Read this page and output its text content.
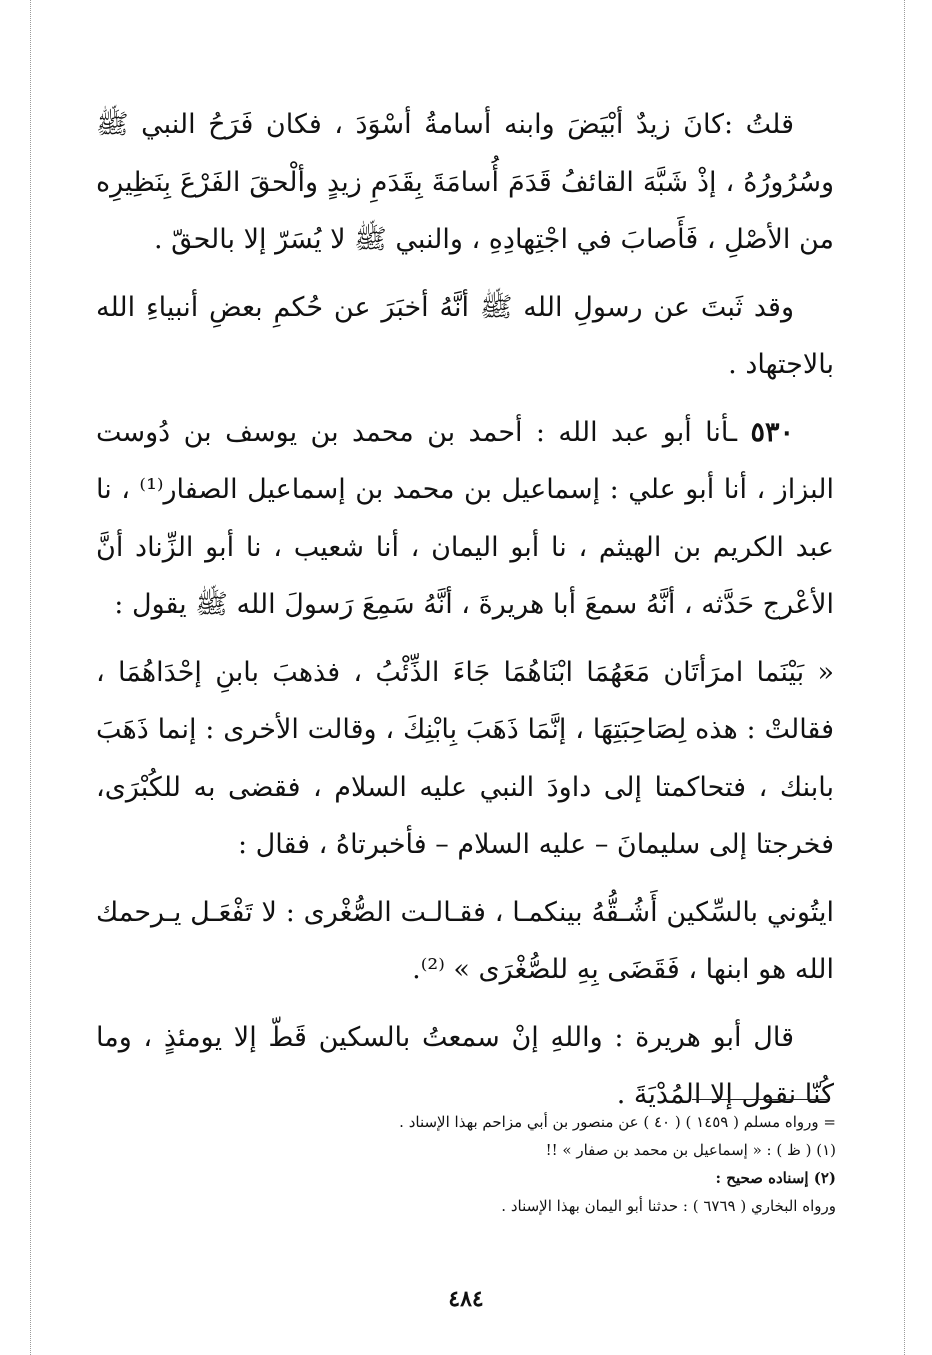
قلتُ :كانَ زيدٌ أبْيَضَ وابنه أسامةُ أسْوَدَ ، فكان فَرَحُ النبي ﷺ وسُرُورُهُ ، إذْ شَبَّهَ القائفُ قَدَمَ أُسامَةَ بِقَدَمِ زيدٍ وألْحقَ الفَرْعَ بِنَظِيرِه من الأصْلِ ، فَأَصابَ في اجْتِهادِهِ ، والنبي ﷺ لا يُسَرّ إلا بالحقّ .

وقد ثَبتَ عن رسولِ الله ﷺ أنَّهُ أخبَرَ عن حُكمِ بعضِ أنبياءِ الله بالاجتهاد .

٥٣٠ ـأنا أبو عبد الله : أحمد بن محمد بن يوسف بن دُوست البزاز ، أنا أبو علي : إسماعيل بن محمد بن إسماعيل الصفار⁽¹⁾ ، نا عبد الكريم بن الهيثم ، نا أبو اليمان ، أنا شعيب ، نا أبو الزِّناد أنَّ الأعْرج حَدَّثه ، أنَّهُ سمعَ أبا هريرةَ ، أنَّهُ سَمِعَ رَسولَ الله ﷺ يقول :

« بَيْنَما امرَأتَان مَعَهُمَا ابْنَاهُمَا جَاءَ الذِّئْبُ ، فذهبَ بابنِ إحْدَاهُمَا ، فقالتْ : هذه لِصَاحِبَتِهَا ، إنَّمَا ذَهَبَ بِابْنِكَ ، وقالت الأخرى : إنما ذَهَبَ بابنك ، فتحاكمتا إلى داودَ النبي عليه السلام ، فقضى به للكُبْرَى، فخرجتا إلى سليمانَ – عليه السلام – فأخبرتاهُ ، فقال :

ايتُوني بالسِّكين أَشُـقُّهُ بينكمـا ، فقـالـت الصُّغْرى : لا تَفْعَـل يـرحمك الله هو ابنها ، فَقَضَى بِهِ للصُّغْرَى » ⁽²⁾.

قال أبو هريرة : واللهِ إنْ سمعتُ بالسكين قَطّ إلا يومئذٍ ، وما كُنّا نقول إلا المُدْيَةَ .

= ورواه مسلم ( ١٤٥٩ ) ( ٤٠ ) عن منصور بن أبي مزاحم بهذا الإسناد .

(١) ( ظ ) : « إسماعيل بن محمد بن صفار » !!

(٢) إسناده صحيح :

ورواه البخاري ( ٦٧٦٩ ) : حدثنا أبو اليمان بهذا الإسناد .

٤٨٤
